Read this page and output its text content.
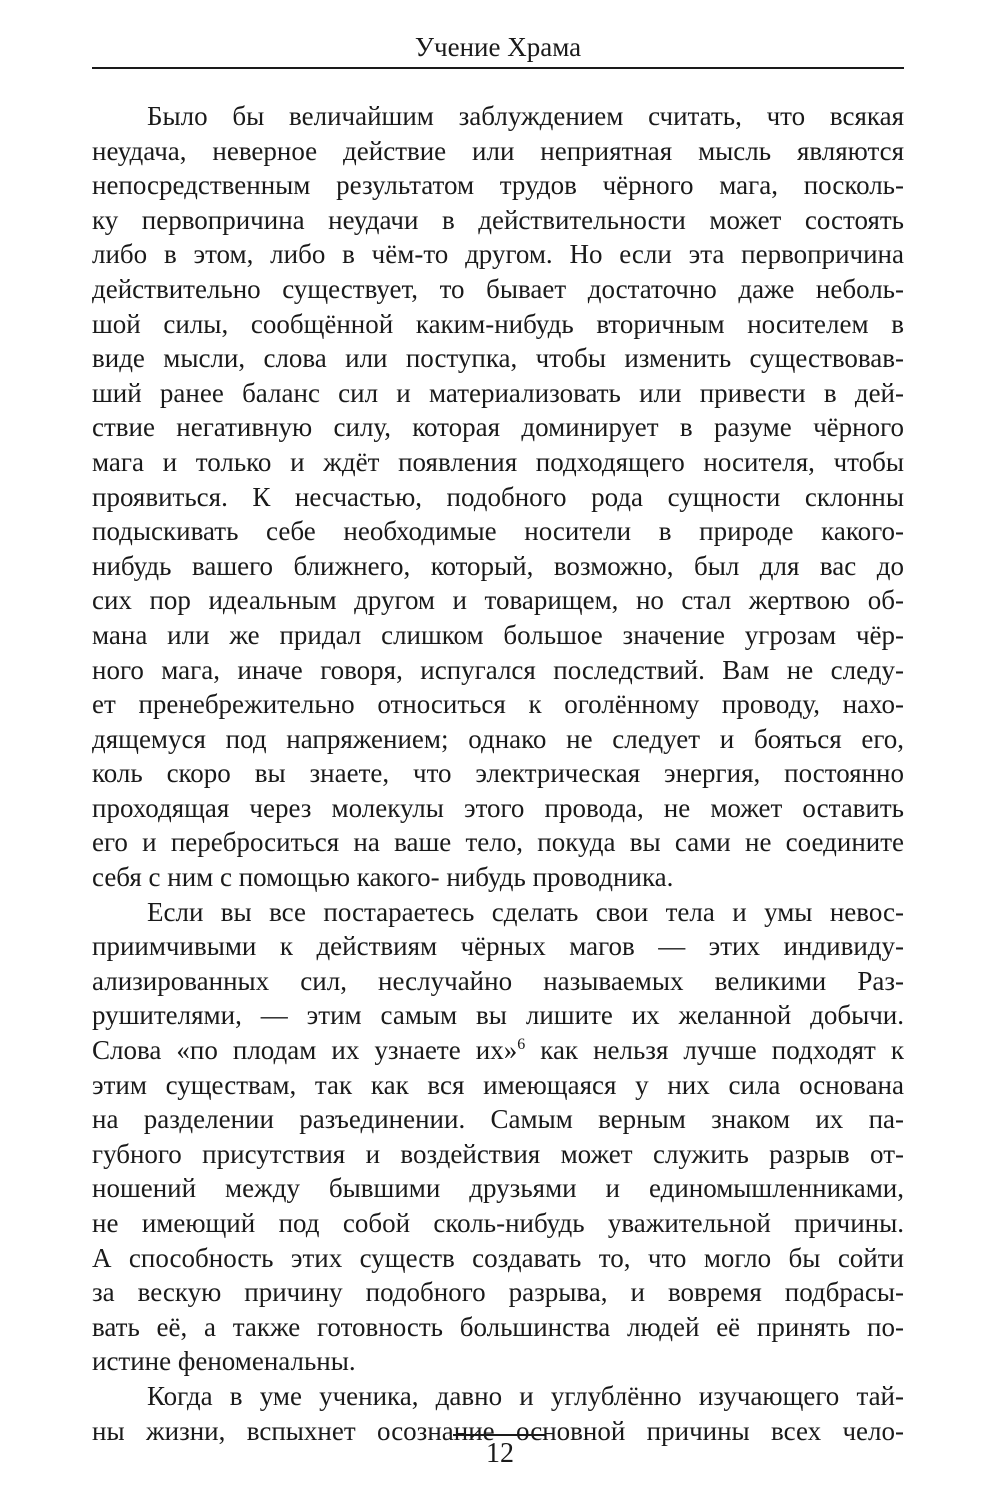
Учение Храма
Было бы величайшим заблуждением считать, что всякая
неудача, неверное действие или неприятная мысль являются
непосредственным результатом трудов чёрного мага, посколь-
ку первопричина неудачи в действительности может состоять
либо в этом, либо в чём-то другом. Но если эта первопричина
действительно существует, то бывает достаточно даже неболь-
шой силы, сообщённой каким-нибудь вторичным носителем в
виде мысли, слова или поступка, чтобы изменить существовав-
ший ранее баланс сил и материализовать или привести в дей-
ствие негативную силу, которая доминирует в разуме чёрного
мага и только и ждёт появления подходящего носителя, чтобы
проявиться. К несчастью, подобного рода сущности склонны
подыскивать себе необходимые носители в природе какого-
нибудь вашего ближнего, который, возможно, был для вас до
сих пор идеальным другом и товарищем, но стал жертвою об-
мана или же придал слишком большое значение угрозам чёр-
ного мага, иначе говоря, испугался последствий. Вам не следу-
ет пренебрежительно относиться к оголённому проводу, нахо-
дящемуся под напряжением; однако не следует и бояться его,
коль скоро вы знаете, что электрическая энергия, постоянно
проходящая через молекулы этого провода, не может оставить
его и переброситься на ваше тело, покуда вы сами не соедините
себя с ним с помощью какого- нибудь проводника.
Если вы все постараетесь сделать свои тела и умы невос-
приимчивыми к действиям чёрных магов — этих индивиду-
ализированных сил, неслучайно называемых великими Раз-
рушителями, — этим самым вы лишите их желанной добычи.
Слова «по плодам их узнаете их»$^6$ как нельзя лучше подходят к
этим существам, так как вся имеющаяся у них сила основана
на разделении разъединении. Самым верным знаком их па-
губного присутствия и воздействия может служить разрыв от-
ношений между бывшими друзьями и единомышленниками,
не имеющий под собой сколь-нибудь уважительной причины.
А способность этих существ создавать то, что могло бы сойти
за вескую причину подобного разрыва, и вовремя подбрасы-
вать её, а также готовность большинства людей её принять по-
истине феноменальны.
Когда в уме ученика, давно и углублённо изучающего тай-
ны жизни, вспыхнет осознание основной причины всех чело-
12
